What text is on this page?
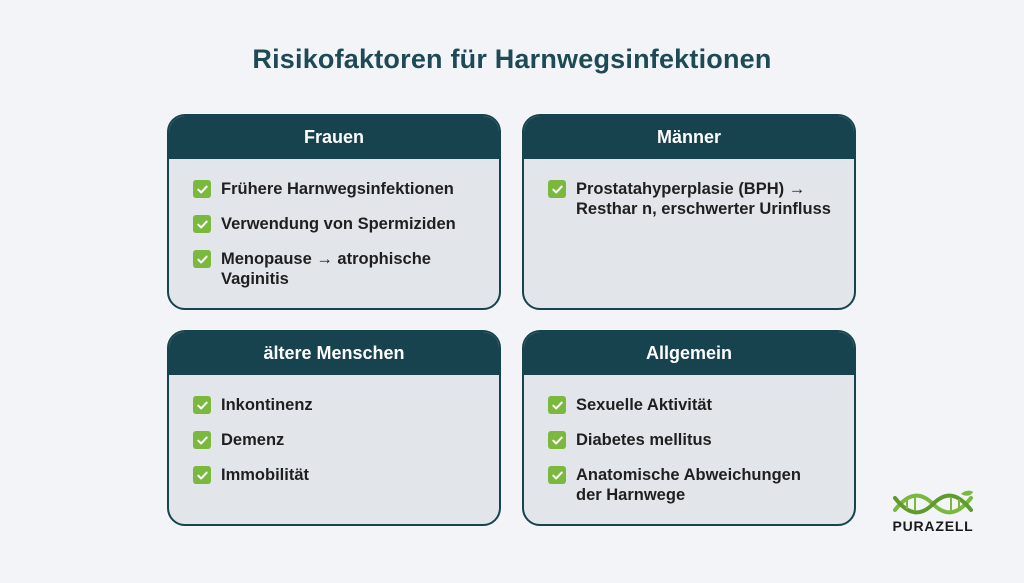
Risikofaktoren für Harnwegsinfektionen
Frauen
Frühere Harnwegsinfektionen
Verwendung von Spermiziden
Menopause → atrophische
Vaginitis
Männer
Prostatahyperplasie (BPH) →
Resthar n, erschwerter Urinfluss
ältere Menschen
Inkontinenz
Demenz
Immobilität
Allgemein
Sexuelle Aktivität
Diabetes mellitus
Anatomische Abweichungen
der Harnwege
PURAZELL
